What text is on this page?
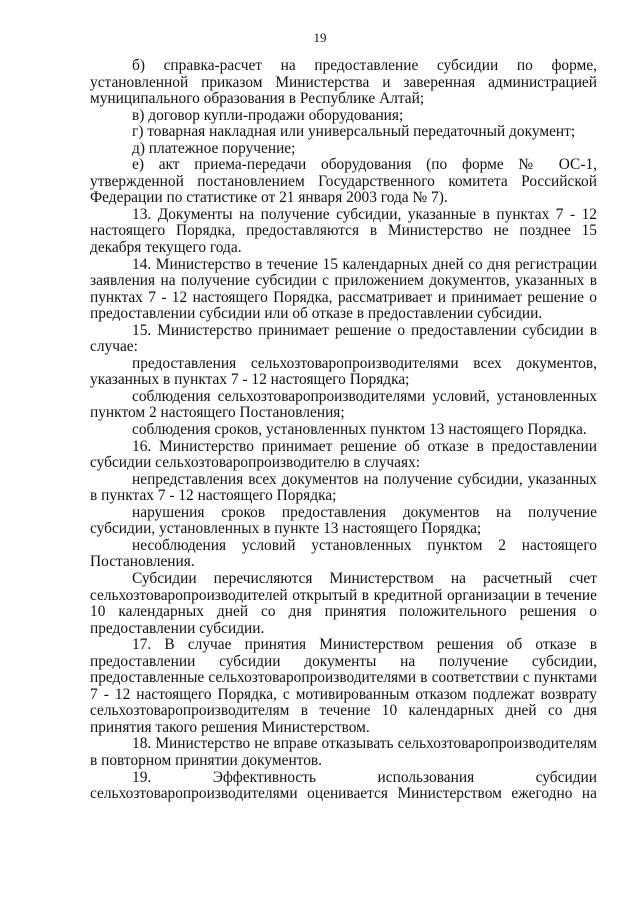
19

б) справка-расчет на предоставление субсидии по форме, установленной приказом Министерства и заверенная администрацией муниципального образования в Республике Алтай;

в) договор купли-продажи оборудования;

г) товарная накладная или универсальный передаточный документ;

д) платежное поручение;

е) акт приема-передачи оборудования (по форме № ОС-1, утвержденной постановлением Государственного комитета Российской Федерации по статистике от 21 января 2003 года № 7).

13. Документы на получение субсидии, указанные в пунктах 7 - 12 настоящего Порядка, предоставляются в Министерство не позднее 15 декабря текущего года.

14. Министерство в течение 15 календарных дней со дня регистрации заявления на получение субсидии с приложением документов, указанных в пунктах 7 - 12 настоящего Порядка, рассматривает и принимает решение о предоставлении субсидии или об отказе в предоставлении субсидии.

15. Министерство принимает решение о предоставлении субсидии в случае:

предоставления сельхозтоваропроизводителями всех документов, указанных в пунктах 7 - 12 настоящего Порядка;

соблюдения сельхозтоваропроизводителями условий, установленных пунктом 2 настоящего Постановления;

соблюдения сроков, установленных пунктом 13 настоящего Порядка.

16. Министерство принимает решение об отказе в предоставлении субсидии сельхозтоваропроизводителю в случаях:

непредставления всех документов на получение субсидии, указанных в пунктах 7 - 12 настоящего Порядка;

нарушения сроков предоставления документов на получение субсидии, установленных в пункте 13 настоящего Порядка;

несоблюдения условий установленных пунктом 2 настоящего Постановления.

Субсидии перечисляются Министерством на расчетный счет сельхозтоваропроизводителей открытый в кредитной организации в течение 10 календарных дней со дня принятия положительного решения о предоставлении субсидии.

17. В случае принятия Министерством решения об отказе в предоставлении субсидии документы на получение субсидии, предоставленные сельхозтоваропроизводителями в соответствии с пунктами 7 - 12 настоящего Порядка, с мотивированным отказом подлежат возврату сельхозтоваропроизводителям в течение 10 календарных дней со дня принятия такого решения Министерством.

18. Министерство не вправе отказывать сельхозтоваропроизводителям в повторном принятии документов.

19. Эффективность использования субсидии сельхозтоваропроизводителями оценивается Министерством ежегодно на
